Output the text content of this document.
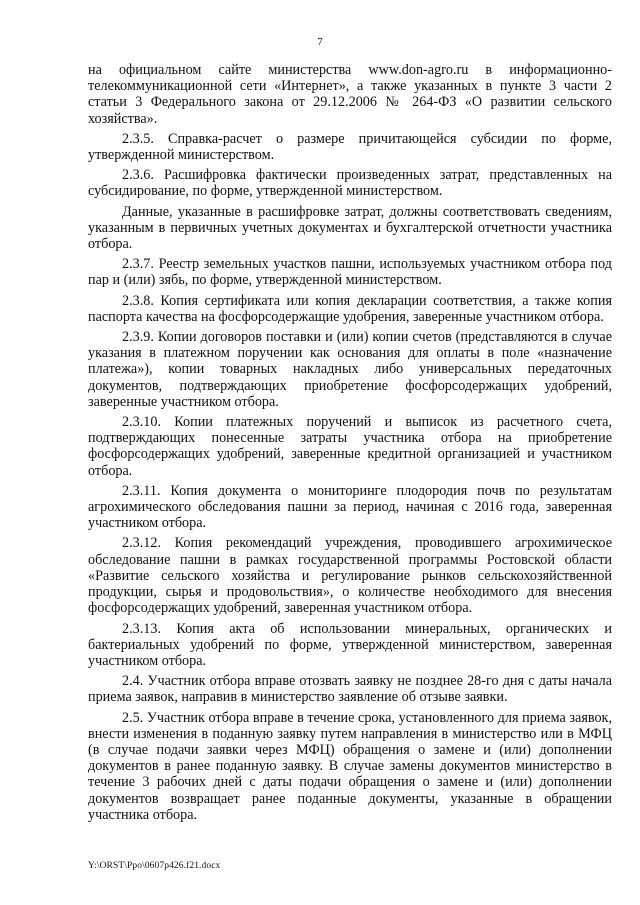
7

на официальном сайте министерства www.don-agro.ru в информационно-телекоммуникационной сети «Интернет», а также указанных в пункте 3 части 2 статьи 3 Федерального закона от 29.12.2006 № 264-ФЗ «О развитии сельского хозяйства».

2.3.5. Справка-расчет о размере причитающейся субсидии по форме, утвержденной министерством.

2.3.6. Расшифровка фактически произведенных затрат, представленных на субсидирование, по форме, утвержденной министерством.

Данные, указанные в расшифровке затрат, должны соответствовать сведениям, указанным в первичных учетных документах и бухгалтерской отчетности участника отбора.

2.3.7. Реестр земельных участков пашни, используемых участником отбора под пар и (или) зябь, по форме, утвержденной министерством.

2.3.8. Копия сертификата или копия декларации соответствия, а также копия паспорта качества на фосфорсодержащие удобрения, заверенные участником отбора.

2.3.9. Копии договоров поставки и (или) копии счетов (представляются в случае указания в платежном поручении как основания для оплаты в поле «назначение платежа»), копии товарных накладных либо универсальных передаточных документов, подтверждающих приобретение фосфорсодержащих удобрений, заверенные участником отбора.

2.3.10. Копии платежных поручений и выписок из расчетного счета, подтверждающих понесенные затраты участника отбора на приобретение фосфорсодержащих удобрений, заверенные кредитной организацией и участником отбора.

2.3.11. Копия документа о мониторинге плодородия почв по результатам агрохимического обследования пашни за период, начиная с 2016 года, заверенная участником отбора.

2.3.12. Копия рекомендаций учреждения, проводившего агрохимическое обследование пашни в рамках государственной программы Ростовской области «Развитие сельского хозяйства и регулирование рынков сельскохозяйственной продукции, сырья и продовольствия», о количестве необходимого для внесения фосфорсодержащих удобрений, заверенная участником отбора.

2.3.13. Копия акта об использовании минеральных, органических и бактериальных удобрений по форме, утвержденной министерством, заверенная участником отбора.

2.4. Участник отбора вправе отозвать заявку не позднее 28-го дня с даты начала приема заявок, направив в министерство заявление об отзыве заявки.

2.5. Участник отбора вправе в течение срока, установленного для приема заявок, внести изменения в поданную заявку путем направления в министерство или в МФЦ (в случае подачи заявки через МФЦ) обращения о замене и (или) дополнении документов в ранее поданную заявку. В случае замены документов министерство в течение 3 рабочих дней с даты подачи обращения о замене и (или) дополнении документов возвращает ранее поданные документы, указанные в обращении участника отбора.

Y:\ORST\Ppo\0607p426.f21.docx
